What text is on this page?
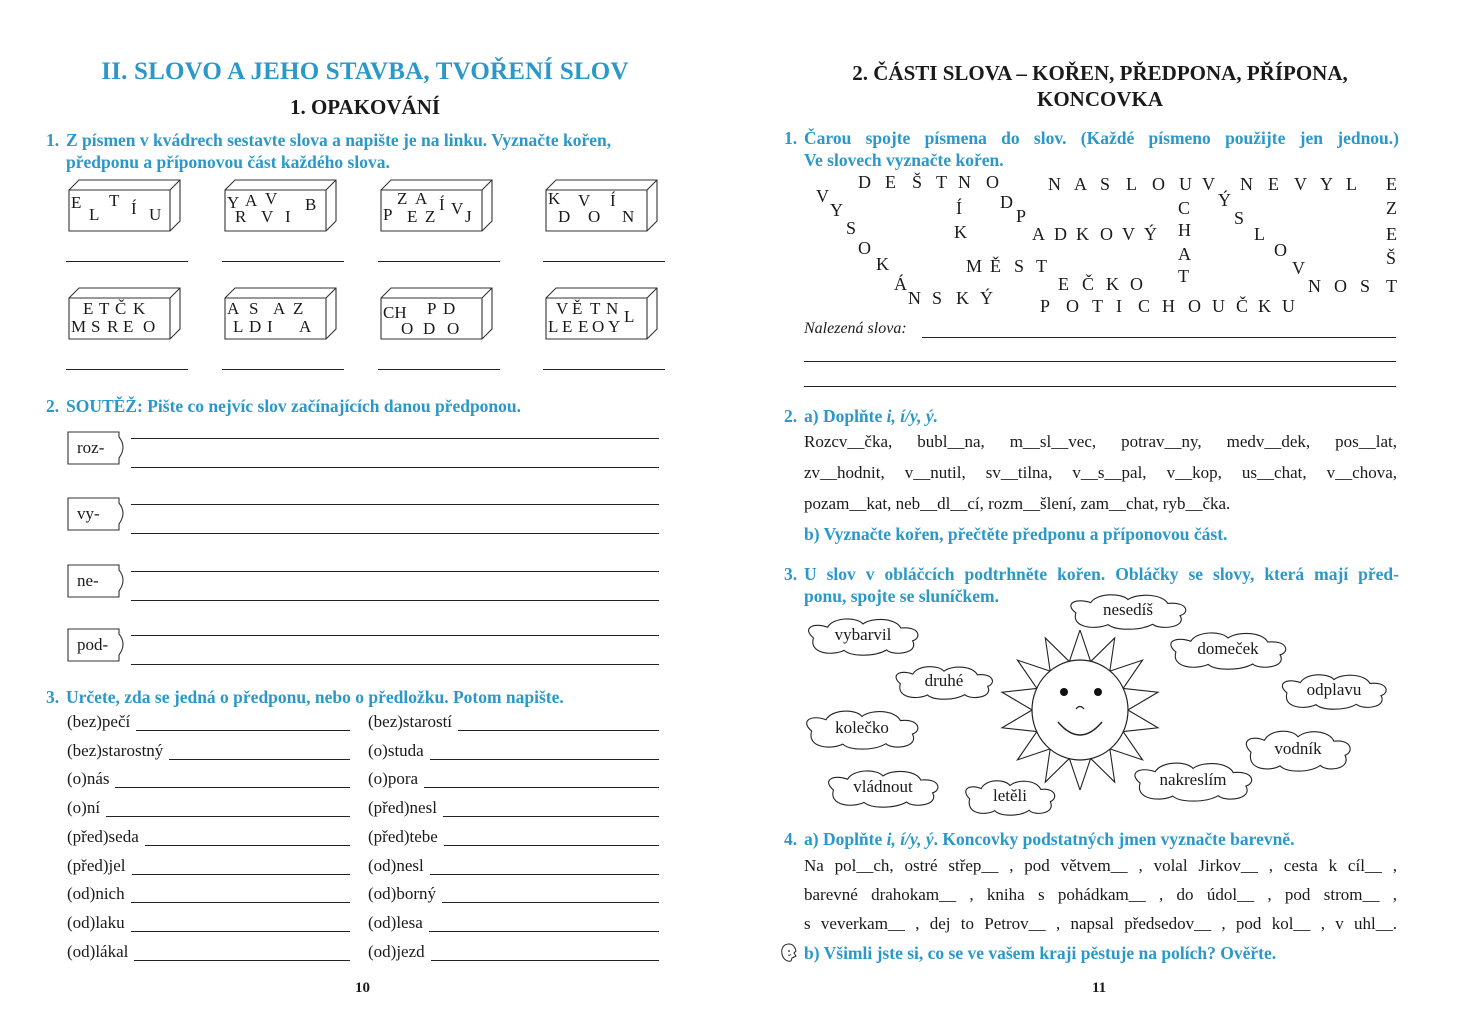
II. SLOVO A JEHO STAVBA, TVOŘENÍ SLOV
1. OPAKOVÁNÍ
1. Z písmen v kvádrech sestavte slova a napište je na linku. Vyznačte kořen,
předponu a příponovou část každého slova.
E
L
T Í U
Y A V B
R V I	P
Z A Í V
E Z J
K V Í
D O N
E T Č K
M S R E O
A S A Z
L D I A
CH P D
O D O
V Ě T N L
L E E O Y
2. SOUTĚŽ: Pište co nejvíc slov začínajících danou předponou.
roz-
vy-
ne-
pod-
3. Určete, zda se jedná o předponu, nebo o předložku. Potom napište.
(bez)pečí	(bez)starostí
(bez)starostný	(o)studa
(o)nás	(o)pora
(o)ní	(před)nesl
(před)seda	(před)tebe
(před)jel	(od)nesl
(od)nich	(od)borný
(od)laku	(od)lesa
(od)lákal	(od)jezd
10
2. ČÁSTI SLOVA – KOŘEN, PŘEDPONA, PŘÍPONA,
KONCOVKA
1. Čarou spojte písmena do slov. (Každé písmeno použijte jen jednou.)
Ve slovech vyznačte kořen.
D E Š T N O	N A S L O U V N E V Y L E
V
Y	Í D	Ý	Z
S
C
P	S
K	A D K O V Ý H	L	E
O	A	O	Š
K	M Ě S T	V
T
Á	E Č K O	N O S T
N S K Ý	P O T I C H O U Č K U
Nalezená slova:
2. a) Doplňte i, í/y, ý.
Rozcv__čka, bubl__na, m__sl__vec, potrav__ny, medv__dek, pos__lat,
zv__hodnit, v__nutil, sv__tilna, v__s__pal, v__kop, us__chat, v__chova,
pozam__kat, neb__dl__cí, rozm__šlení, zam__chat, ryb__čka.
b) Vyznačte kořen, přečtěte předponu a příponovou část.
3. U slov v obláčcích podtrhněte kořen. Obláčky se slovy, která mají před-
ponu, spojte se sluníčkem.
nesedíš
vybarvil
domeček
druhé	odplavu
kolečko
vodník
nakreslím
vládnout	letěli
4. a) Doplňte i, í/y, ý. Koncovky podstatných jmen vyznačte barevně.
Na pol__ch, ostré střep__ , pod větvem__ , volal Jirkov__ , cesta k cíl__ ,
barevné drahokam__ , kniha s pohádkam__ , do údol__ , pod strom__ ,
s veverkam__ , dej to Petrov__ , napsal předsedov__ , pod kol__ , v uhl__.
b) Všimli jste si, co se ve vašem kraji pěstuje na polích? Ověřte.
11
